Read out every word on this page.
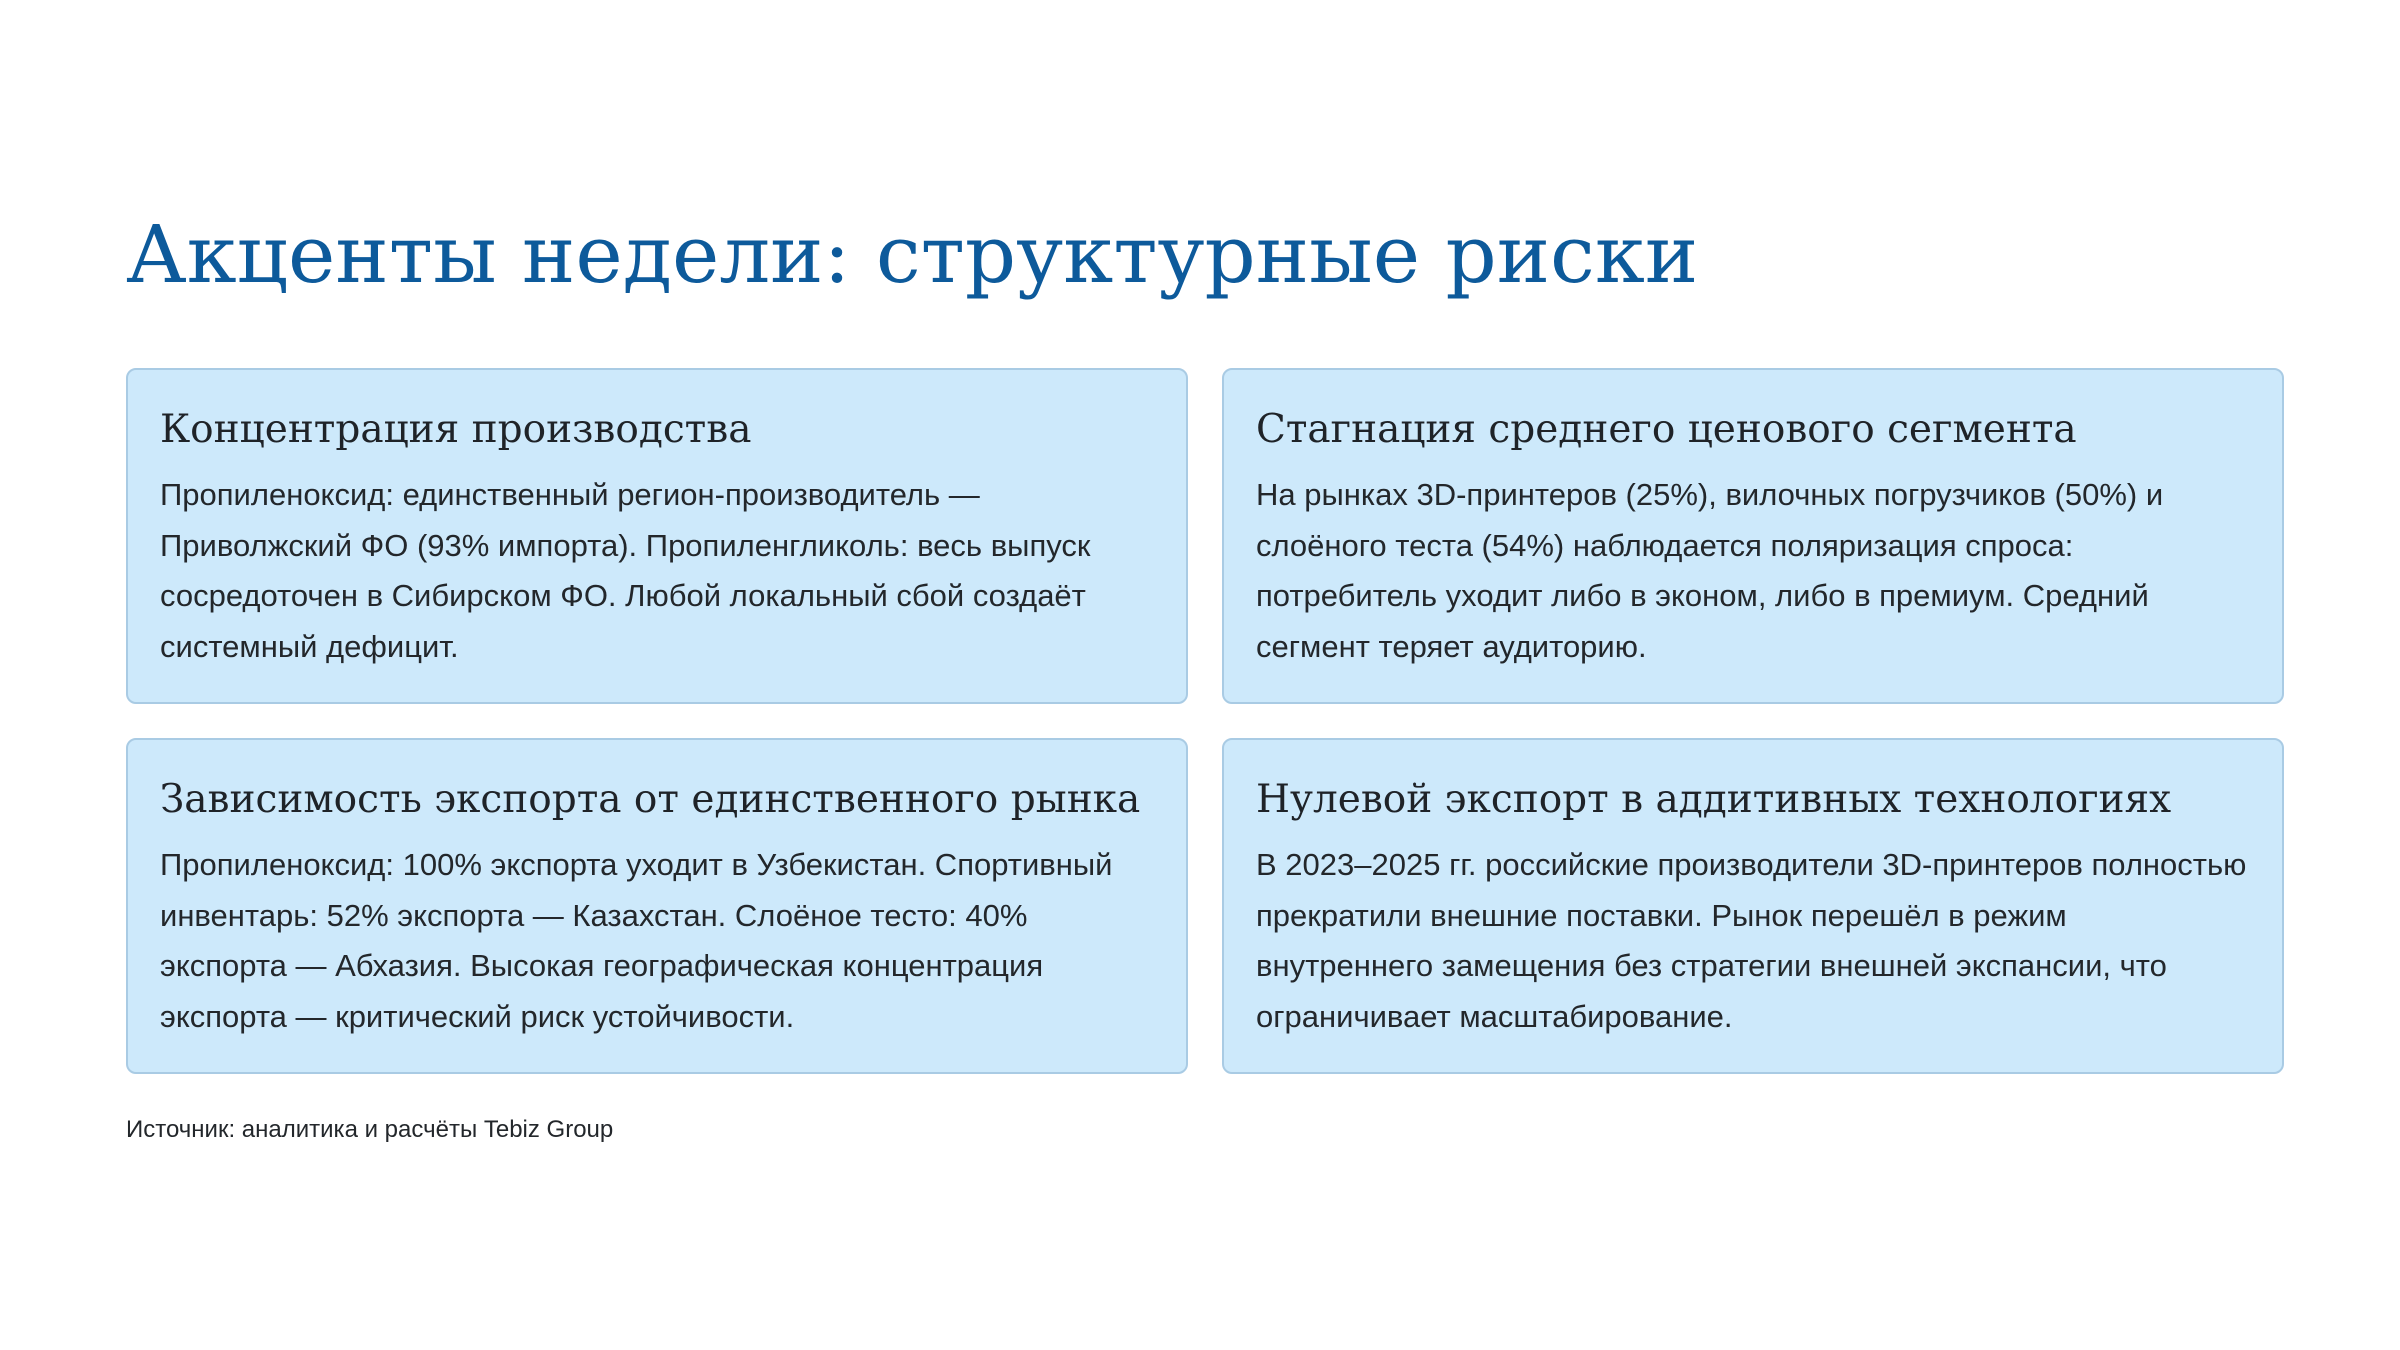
Акценты недели: структурные риски
Концентрация производства

Пропиленоксид: единственный регион-производитель — Приволжский ФО (93% импорта). Пропиленгликоль: весь выпуск сосредоточен в Сибирском ФО. Любой локальный сбой создаёт системный дефицит.

Стагнация среднего ценового сегмента

На рынках 3D-принтеров (25%), вилочных погрузчиков (50%) и слоёного теста (54%) наблюдается поляризация спроса: потребитель уходит либо в эконом, либо в премиум. Средний сегмент теряет аудиторию.

Зависимость экспорта от единственного рынка

Пропиленоксид: 100% экспорта уходит в Узбекистан. Спортивный инвентарь: 52% экспорта — Казахстан. Слоёное тесто: 40% экспорта — Абхазия. Высокая географическая концентрация экспорта — критический риск устойчивости.

Нулевой экспорт в аддитивных технологиях

В 2023–2025 гг. российские производители 3D-принтеров полностью прекратили внешние поставки. Рынок перешёл в режим внутреннего замещения без стратегии внешней экспансии, что ограничивает масштабирование.

Источник: аналитика и расчёты Tebiz Group
